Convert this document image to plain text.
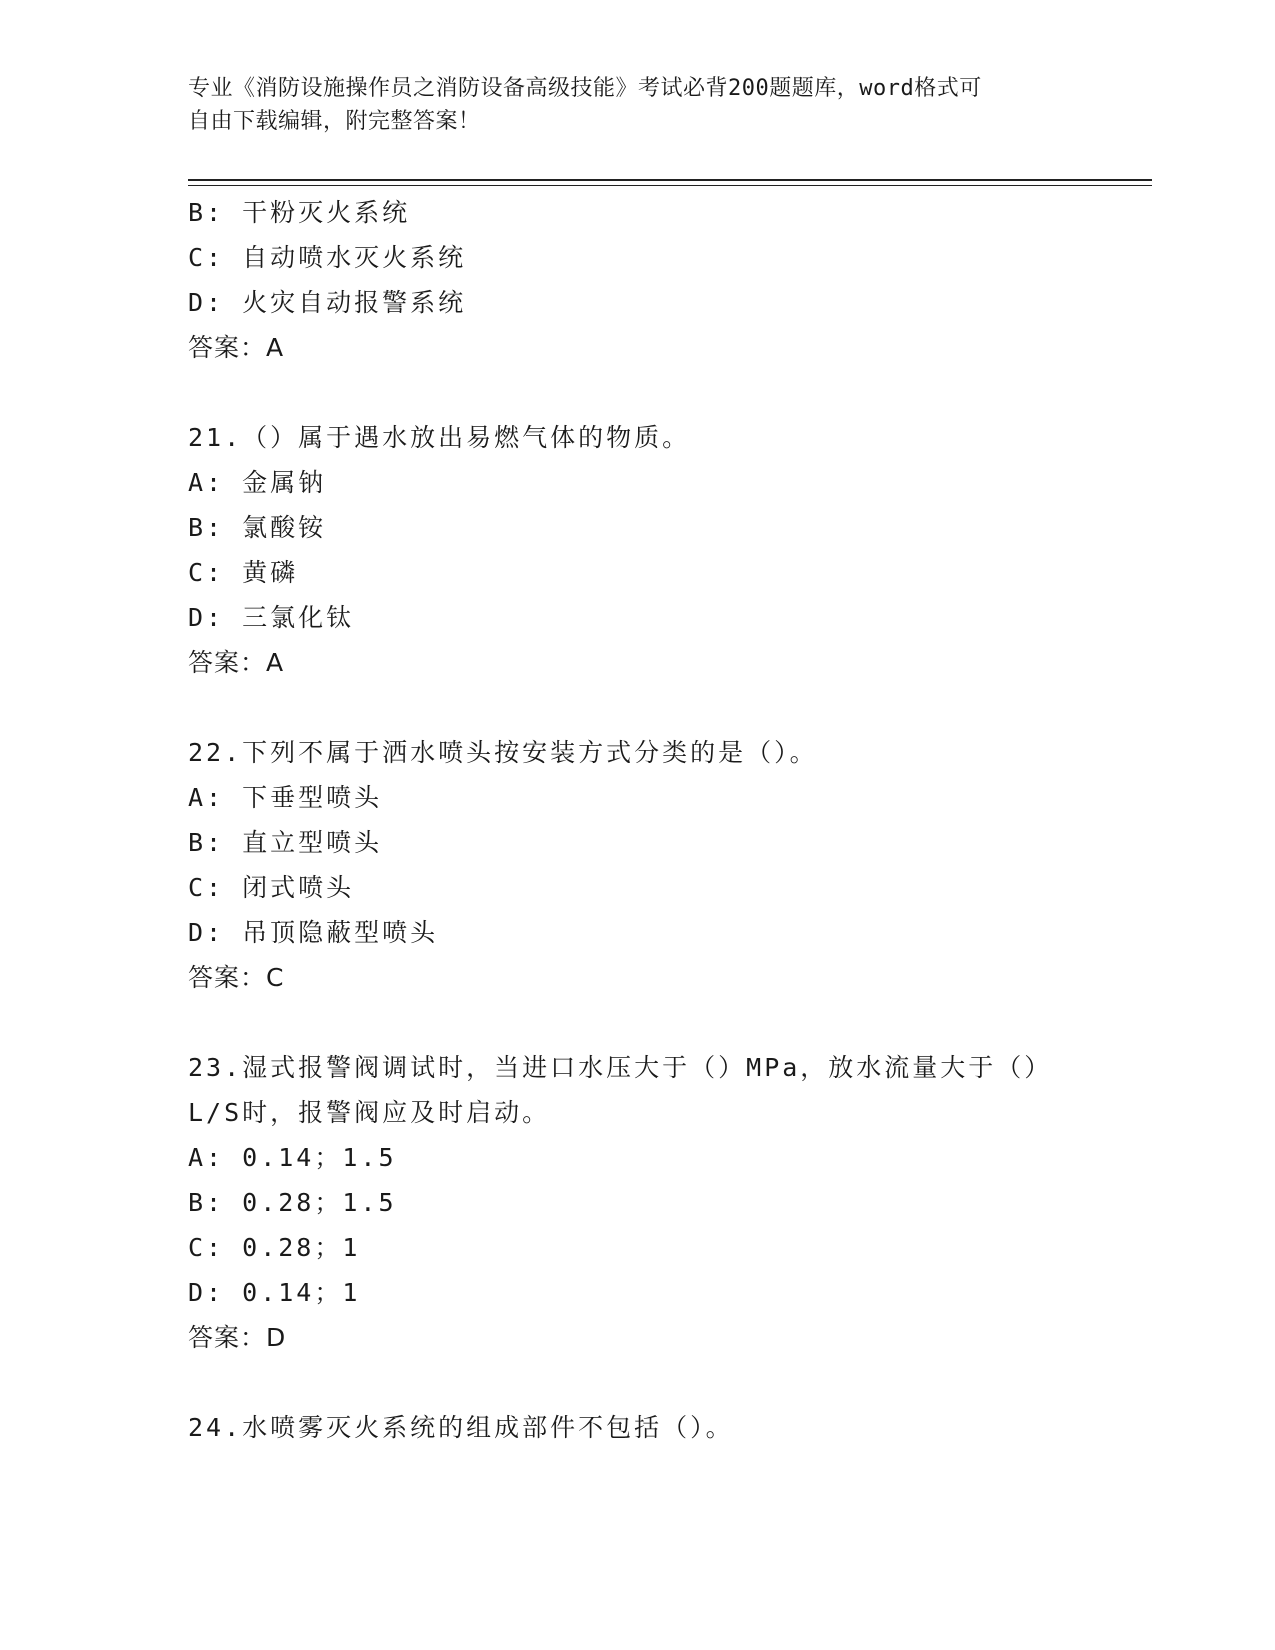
专业《消防设施操作员之消防设备高级技能》考试必背200题题库，word格式可
自由下载编辑，附完整答案！
B: 干粉灭火系统
C: 自动喷水灭火系统
D: 火灾自动报警系统
答案：A
21.（）属于遇水放出易燃气体的物质。
A: 金属钠
B: 氯酸铵
C: 黄磷
D: 三氯化钛
答案：A
22.下列不属于洒水喷头按安装方式分类的是（）。
A: 下垂型喷头
B: 直立型喷头
C: 闭式喷头
D: 吊顶隐蔽型喷头
答案：C
23.湿式报警阀调试时，当进口水压大于（）MPa，放水流量大于（）
L/S时，报警阀应及时启动。
A: 0.14；1.5
B: 0.28；1.5
C: 0.28；1
D: 0.14；1
答案：D
24.水喷雾灭火系统的组成部件不包括（）。
